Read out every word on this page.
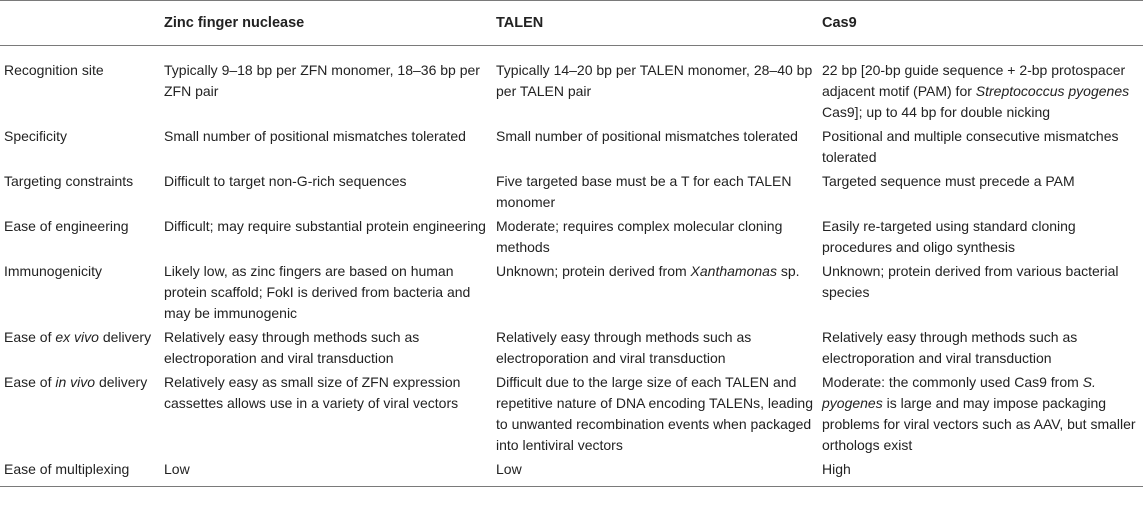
	Zinc finger nuclease	TALEN	Cas9
Recognition site	Typically 9–18 bp per ZFN monomer, 18–36 bp per ZFN pair	Typically 14–20 bp per TALEN monomer, 28–40 bp per TALEN pair	22 bp [20-bp guide sequence + 2-bp protospacer adjacent motif (PAM) for Streptococcus pyogenes Cas9]; up to 44 bp for double nicking
Specificity	Small number of positional mismatches tolerated	Small number of positional mismatches tolerated	Positional and multiple consecutive mismatches tolerated
Targeting constraints	Difficult to target non-G-rich sequences	Five targeted base must be a T for each TALEN monomer	Targeted sequence must precede a PAM
Ease of engineering	Difficult; may require substantial protein engineering	Moderate; requires complex molecular cloning methods	Easily re-targeted using standard cloning procedures and oligo synthesis
Immunogenicity	Likely low, as zinc fingers are based on human protein scaffold; FokI is derived from bacteria and may be immunogenic	Unknown; protein derived from Xanthamonas sp.	Unknown; protein derived from various bacterial species
Ease of ex vivo delivery	Relatively easy through methods such as electroporation and viral transduction	Relatively easy through methods such as electroporation and viral transduction	Relatively easy through methods such as electroporation and viral transduction
Ease of in vivo delivery	Relatively easy as small size of ZFN expression cassettes allows use in a variety of viral vectors	Difficult due to the large size of each TALEN and repetitive nature of DNA encoding TALENs, leading to unwanted recombination events when packaged into lentiviral vectors	Moderate: the commonly used Cas9 from S. pyogenes is large and may impose packaging problems for viral vectors such as AAV, but smaller orthologs exist
Ease of multiplexing	Low	Low	High
